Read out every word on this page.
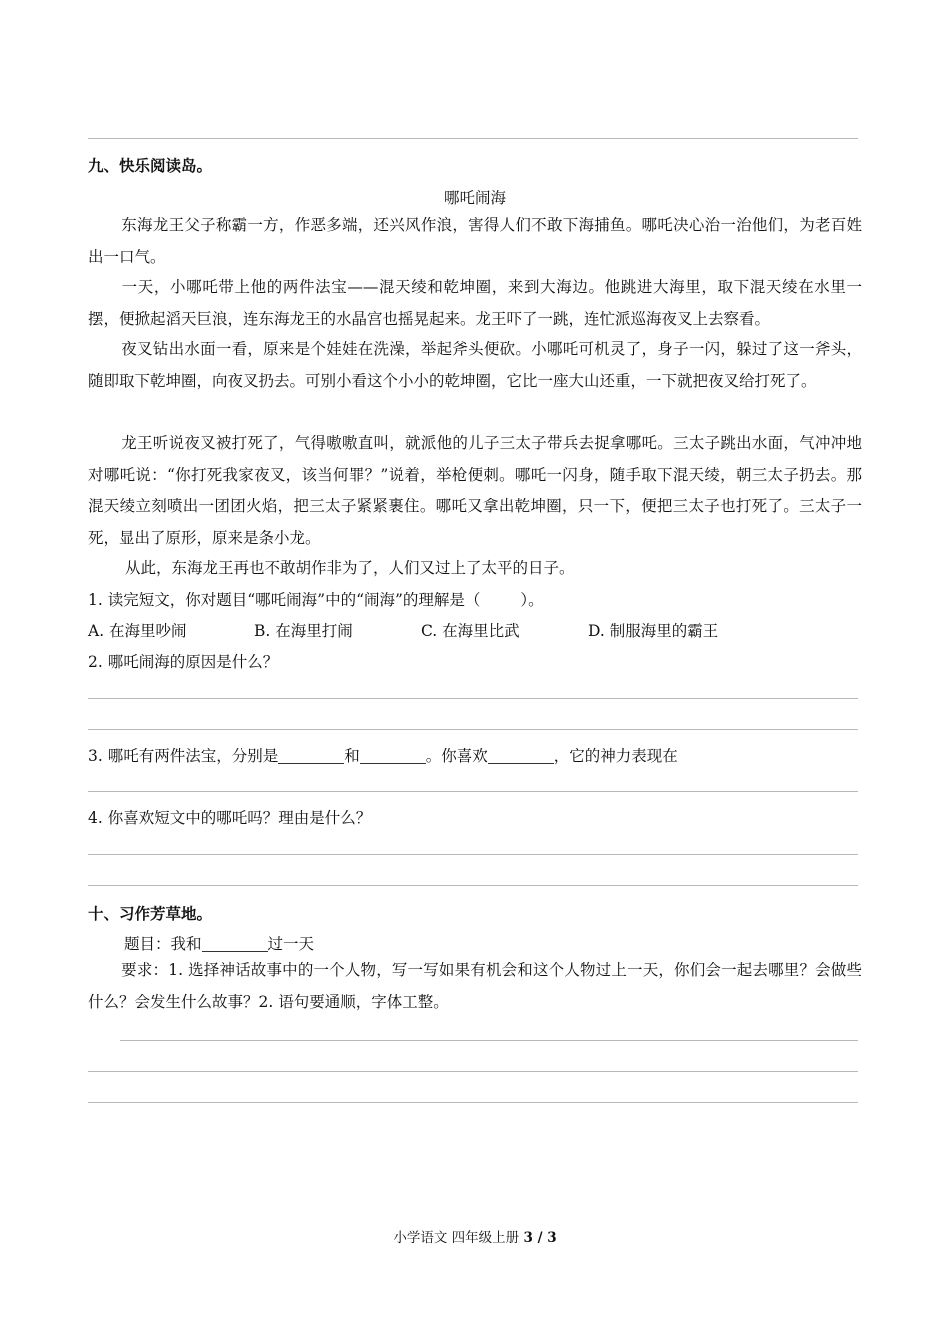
九、快乐阅读岛。
哪吒闹海
东海龙王父子称霸一方，作恶多端，还兴风作浪，害得人们不敢下海捕鱼。哪吒决心治一治他们，为老百姓出一口气。
一天，小哪吒带上他的两件法宝——混天绫和乾坤圈，来到大海边。他跳进大海里，取下混天绫在水里一摆，便掀起滔天巨浪，连东海龙王的水晶宫也摇晃起来。龙王吓了一跳，连忙派巡海夜叉上去察看。
夜叉钻出水面一看，原来是个娃娃在洗澡，举起斧头便砍。小哪吒可机灵了，身子一闪，躲过了这一斧头，随即取下乾坤圈，向夜叉扔去。可别小看这个小小的乾坤圈，它比一座大山还重，一下就把夜叉给打死了。
龙王听说夜叉被打死了，气得嗷嗷直叫，就派他的儿子三太子带兵去捉拿哪吒。三太子跳出水面，气冲冲地对哪吒说：“你打死我家夜叉，该当何罪？”说着，举枪便刺。哪吒一闪身，随手取下混天绫，朝三太子扔去。那混天绫立刻喷出一团团火焰，把三太子紧紧裹住。哪吒又拿出乾坤圈，只一下，便把三太子也打死了。三太子一死，显出了原形，原来是条小龙。
从此，东海龙王再也不敢胡作非为了，人们又过上了太平的日子。
1. 读完短文，你对题目“哪吒闹海”中的“闹海”的理解是（	）。
A. 在海里吵闹	B. 在海里打闹	C. 在海里比武	D. 制服海里的霸王
2. 哪吒闹海的原因是什么？
3. 哪吒有两件法宝，分别是	和	。你喜欢	，它的神力表现在
4. 你喜欢短文中的哪吒吗？理由是什么？
十、习作芳草地。
题目：我和	过一天
要求：1. 选择神话故事中的一个人物，写一写如果有机会和这个人物过上一天，你们会一起去哪里？会做些什么？会发生什么故事？2. 语句要通顺，字体工整。
小学语文 四年级上册 3 / 3
